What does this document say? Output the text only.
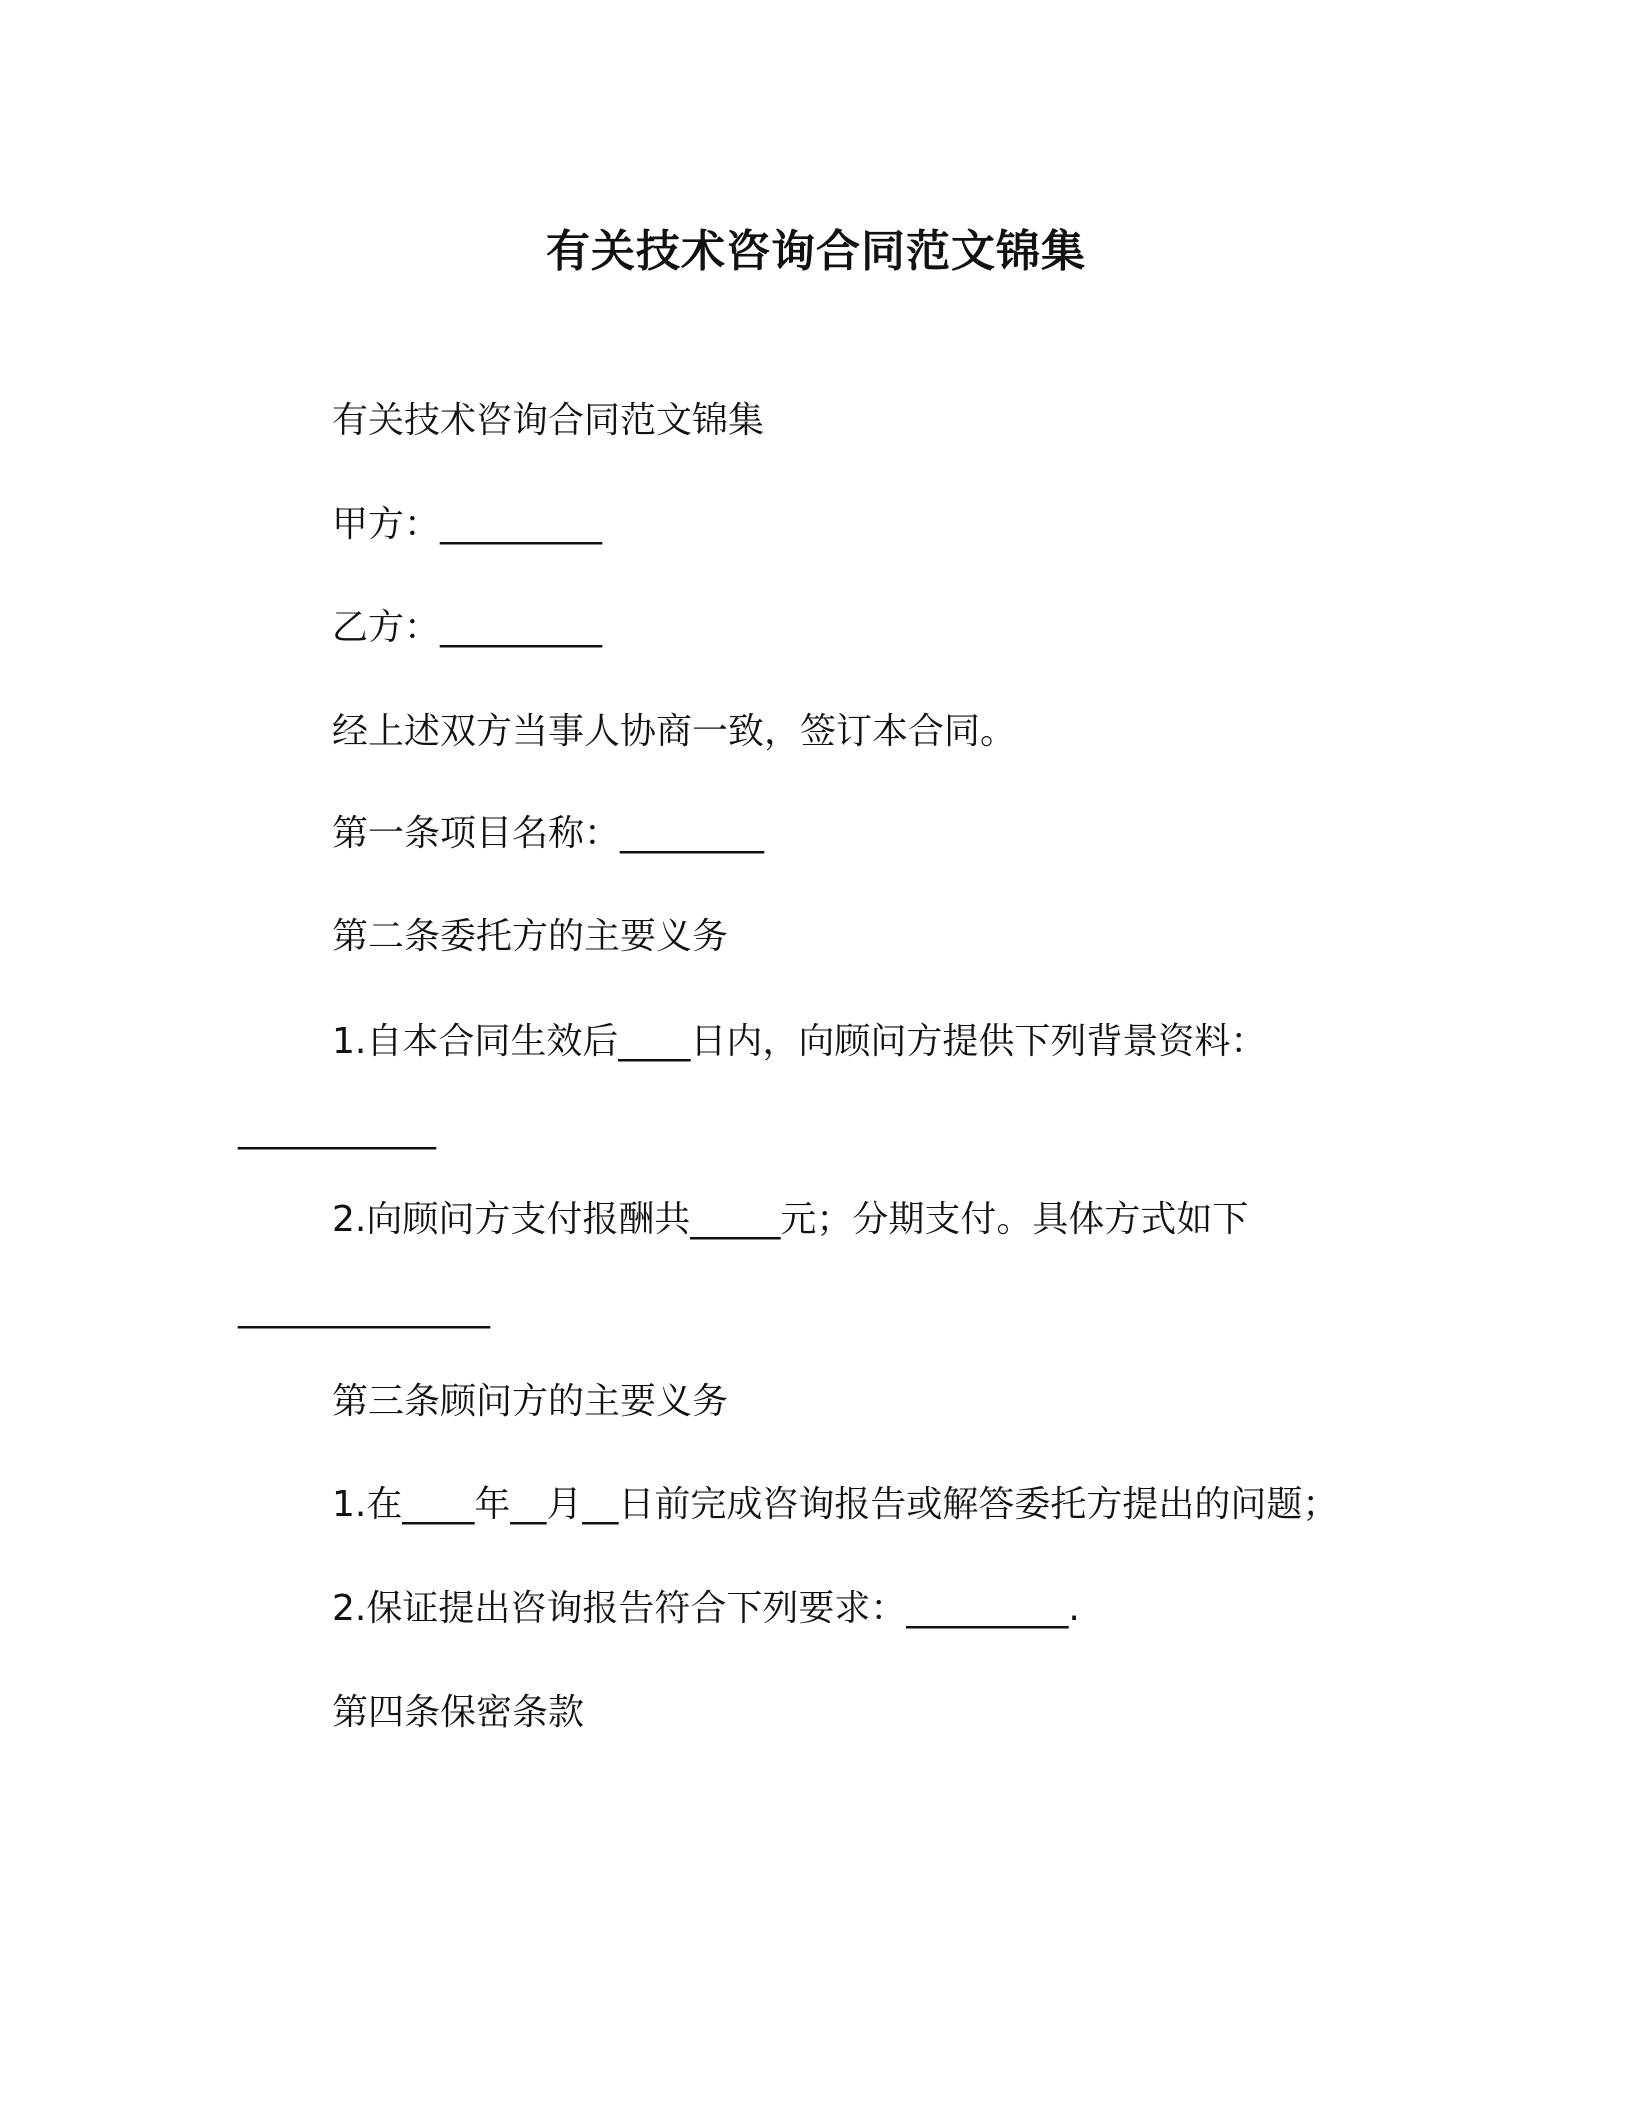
有关技术咨询合同范文锦集
有关技术咨询合同范文锦集
甲方：_________
乙方：_________
经上述双方当事人协商一致，签订本合同。
第一条项目名称：________
第二条委托方的主要义务
1.自本合同生效后____日内，向顾问方提供下列背景资料：
___________
2.向顾问方支付报酬共_____元；分期支付。具体方式如下
______________
第三条顾问方的主要义务
1.在____年__月__日前完成咨询报告或解答委托方提出的问题；
2.保证提出咨询报告符合下列要求：_________.
第四条保密条款
